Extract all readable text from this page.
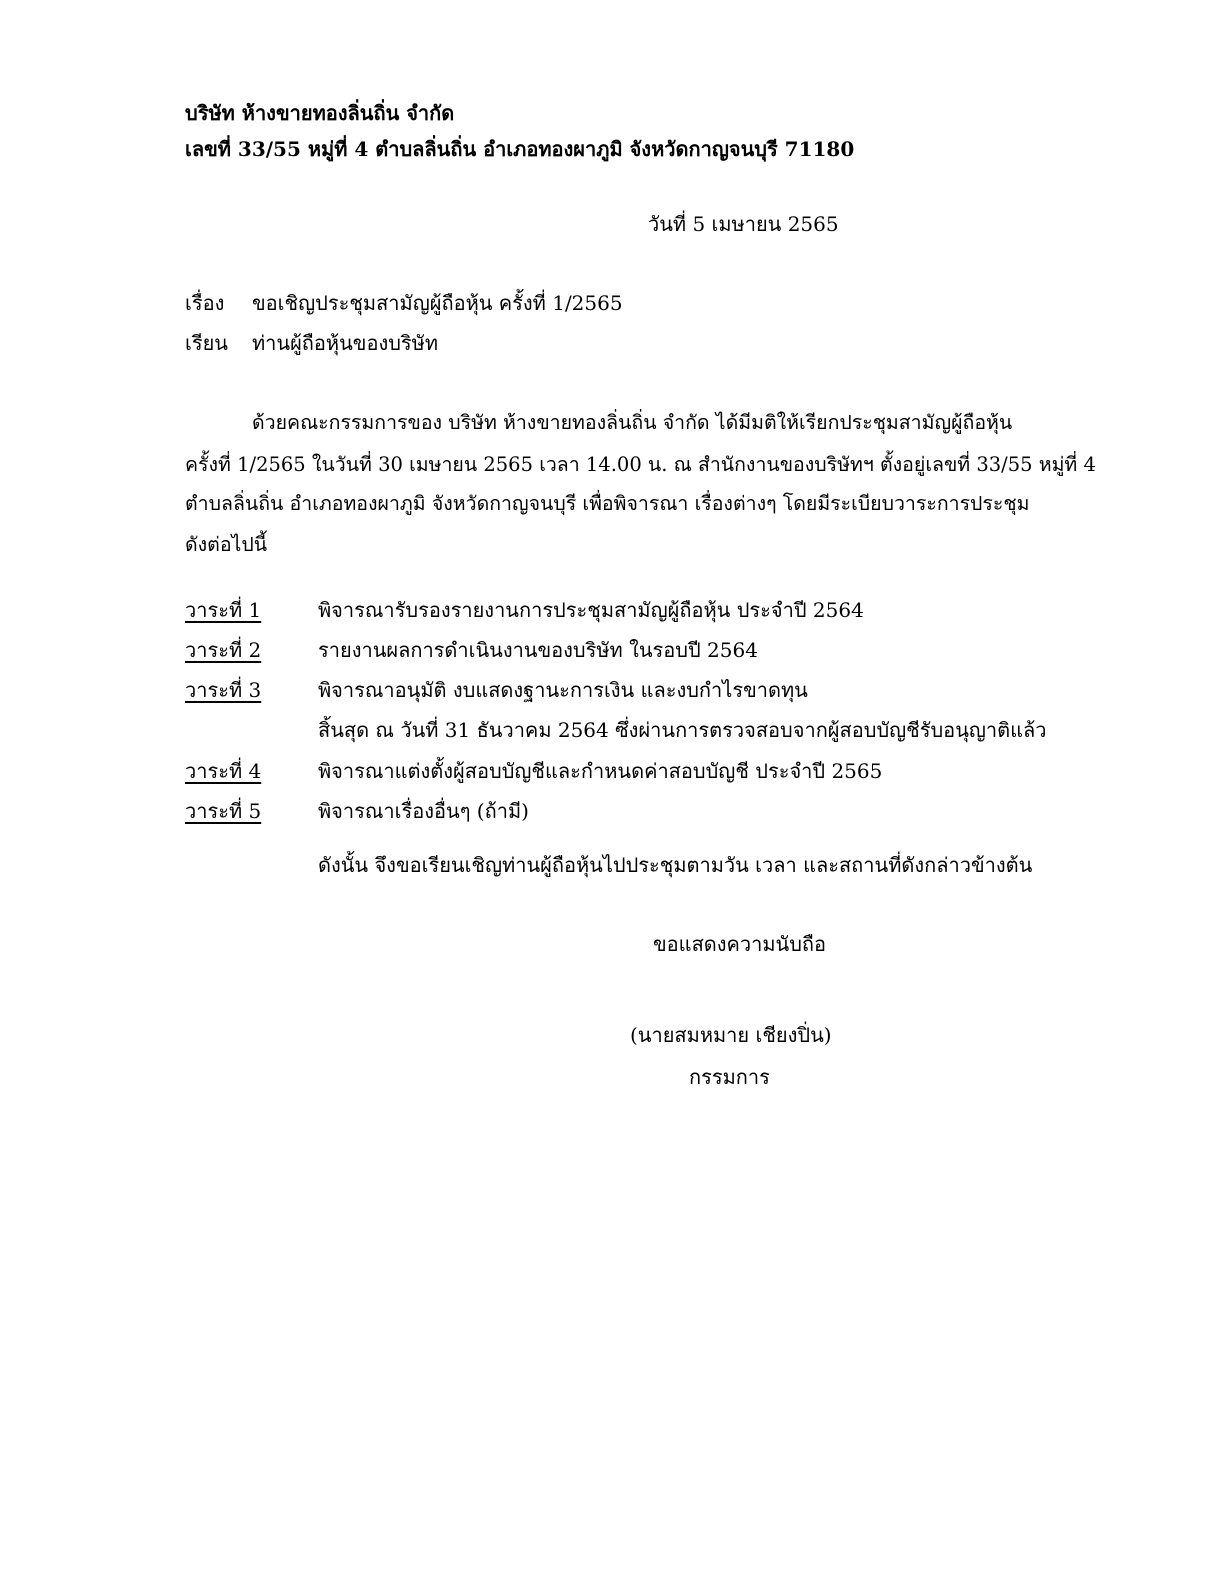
บริษัท ห้างขายทองลิ่นถิ่น จำกัด
เลขที่ 33/55 หมู่ที่ 4 ตำบลลิ่นถิ่น อำเภอทองผาภูมิ จังหวัดกาญจนบุรี 71180
วันที่ 5 เมษายน 2565
เรื่อง ขอเชิญประชุมสามัญผู้ถือหุ้น ครั้งที่ 1/2565
เรียน ท่านผู้ถือหุ้นของบริษัท
ด้วยคณะกรรมการของ บริษัท ห้างขายทองลิ่นถิ่น จำกัด ได้มีมติให้เรียกประชุมสามัญผู้ถือหุ้น
ครั้งที่ 1/2565 ในวันที่ 30 เมษายน 2565 เวลา 14.00 น. ณ สำนักงานของบริษัทฯ ตั้งอยู่เลขที่ 33/55 หมู่ที่ 4
ตำบลลิ่นถิ่น อำเภอทองผาภูมิ จังหวัดกาญจนบุรี เพื่อพิจารณา เรื่องต่างๆ โดยมีระเบียบวาระการประชุม
ดังต่อไปนี้
วาระที่ 1	พิจารณารับรองรายงานการประชุมสามัญผู้ถือหุ้น ประจำปี 2564
วาระที่ 2	รายงานผลการดำเนินงานของบริษัท ในรอบปี 2564
วาระที่ 3	พิจารณาอนุมัติ งบแสดงฐานะการเงิน และงบกำไรขาดทุน
สิ้นสุด ณ วันที่ 31 ธันวาคม 2564 ซึ่งผ่านการตรวจสอบจากผู้สอบบัญชีรับอนุญาติแล้ว
วาระที่ 4	พิจารณาแต่งตั้งผู้สอบบัญชีและกำหนดค่าสอบบัญชี ประจำปี 2565
วาระที่ 5	พิจารณาเรื่องอื่นๆ (ถ้ามี)
ดังนั้น จึงขอเรียนเชิญท่านผู้ถือหุ้นไปประชุมตามวัน เวลา และสถานที่ดังกล่าวข้างต้น
ขอแสดงความนับถือ
(นายสมหมาย เชียงปิ่น)
กรรมการ
